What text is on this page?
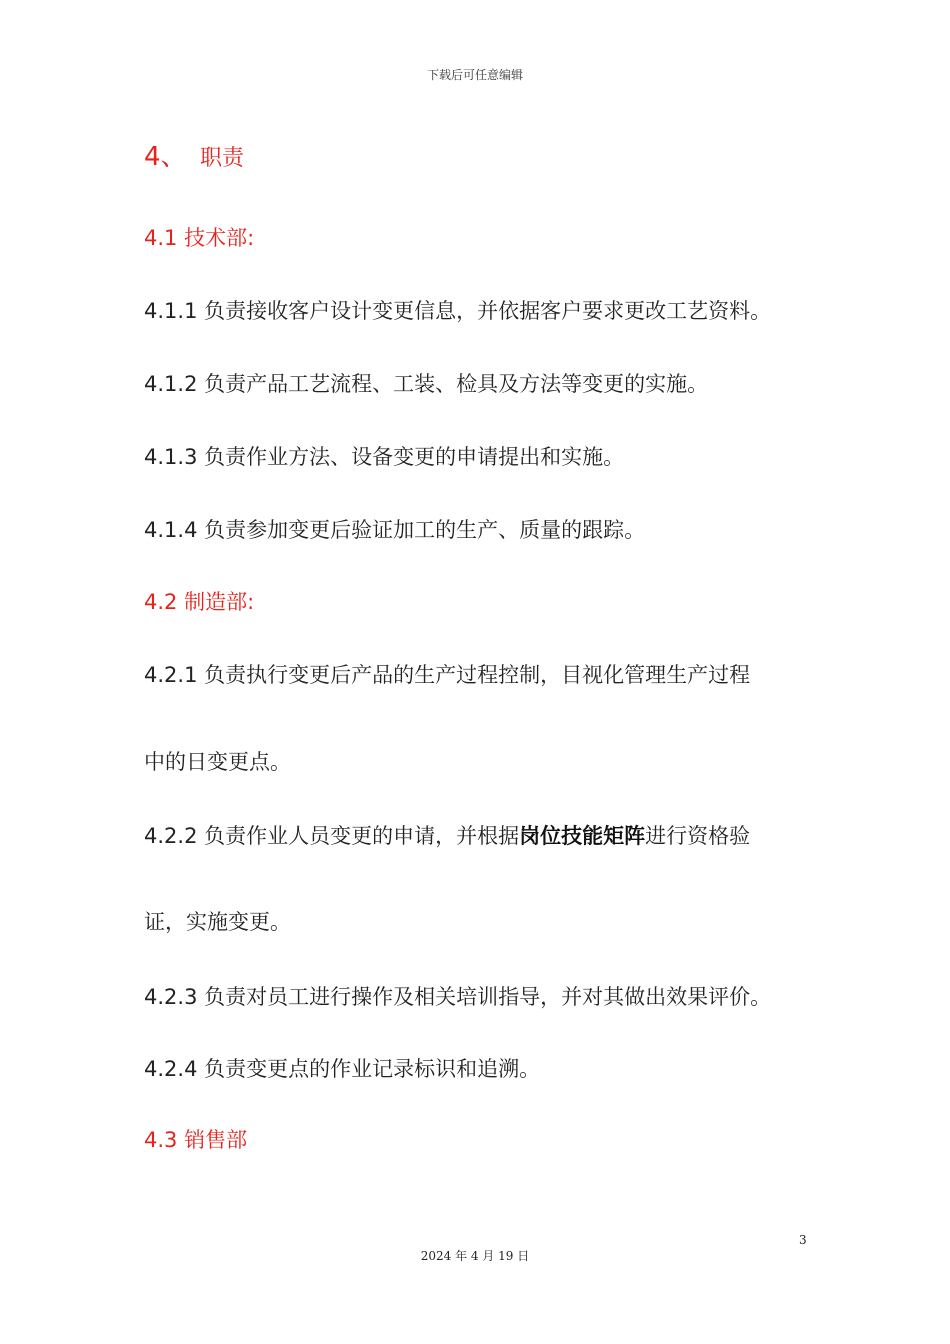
下载后可任意编辑
4、 职责
4.1 技术部:
4.1.1 负责接收客户设计变更信息，并依据客户要求更改工艺资料。
4.1.2 负责产品工艺流程、工装、检具及方法等变更的实施。
4.1.3 负责作业方法、设备变更的申请提出和实施。
4.1.4 负责参加变更后验证加工的生产、质量的跟踪。
4.2 制造部:
4.2.1 负责执行变更后产品的生产过程控制，目视化管理生产过程
中的日变更点。
4.2.2 负责作业人员变更的申请，并根据岗位技能矩阵进行资格验
证，实施变更。
4.2.3 负责对员工进行操作及相关培训指导，并对其做出效果评价。
4.2.4 负责变更点的作业记录标识和追溯。
4.3 销售部
3
2024 年 4 月 19 日
